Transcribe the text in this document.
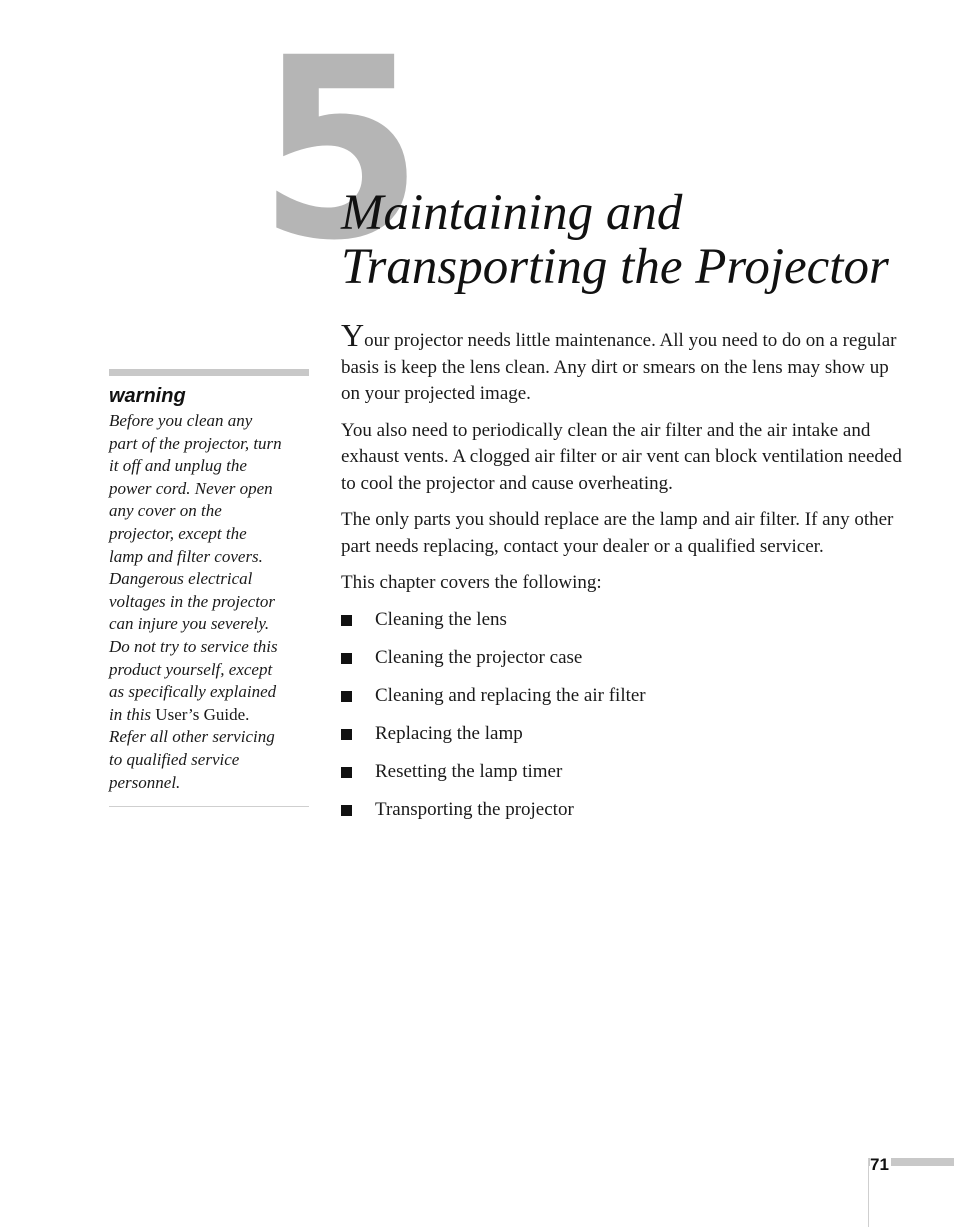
5
Maintaining and
Transporting the Projector
warning
Before you clean any part of the projector, turn it off and unplug the power cord. Never open any cover on the projector, except the lamp and filter covers. Dangerous electrical voltages in the projector can injure you severely. Do not try to service this product yourself, except as specifically explained in this User’s Guide. Refer all other servicing to qualified service personnel.

Your projector needs little maintenance. All you need to do on a regular basis is keep the lens clean. Any dirt or smears on the lens may show up on your projected image.

You also need to periodically clean the air filter and the air intake and exhaust vents. A clogged air filter or air vent can block ventilation needed to cool the projector and cause overheating.

The only parts you should replace are the lamp and air filter. If any other part needs replacing, contact your dealer or a qualified servicer.

This chapter covers the following:

Cleaning the lens
Cleaning the projector case
Cleaning and replacing the air filter
Replacing the lamp
Resetting the lamp timer
Transporting the projector
71
